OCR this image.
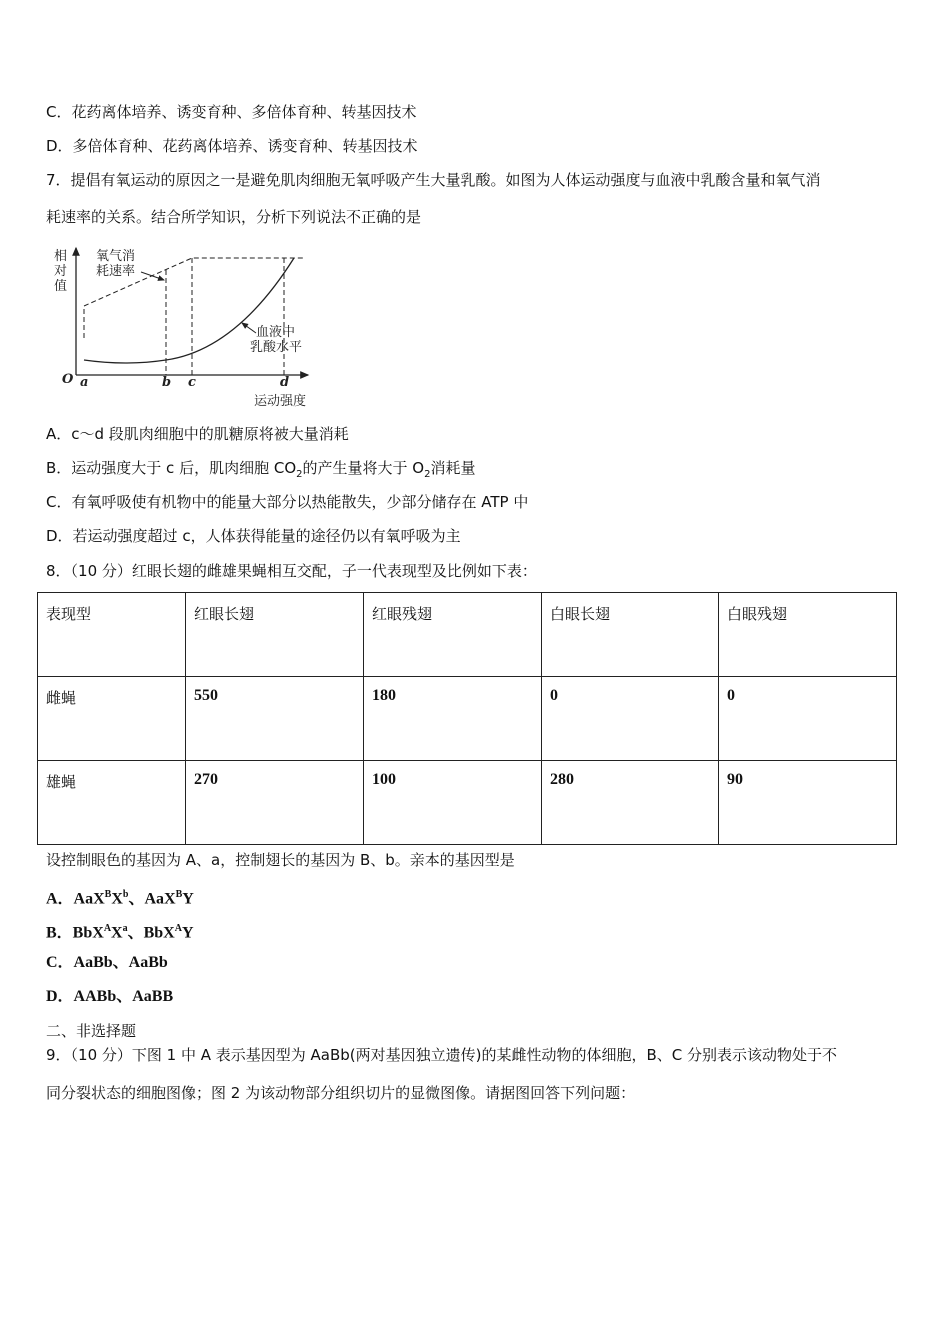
C．花药离体培养、诱变育种、多倍体育种、转基因技术
D．多倍体育种、花药离体培养、诱变育种、转基因技术
7．提倡有氧运动的原因之一是避免肌肉细胞无氧呼吸产生大量乳酸。如图为人体运动强度与血液中乳酸含量和氧气消
耗速率的关系。结合所学知识，分析下列说法不正确的是
相
对
值
氧气消
耗速率
血液中
乳酸水平
运动强度
O a	b c	d
A．c～d 段肌肉细胞中的肌糖原将被大量消耗
B．运动强度大于 c 后，肌肉细胞 $CO_2$的产生量将大于 $O_2$消耗量
C．有氧呼吸使有机物中的能量大部分以热能散失，少部分储存在 ATP 中
D．若运动强度超过 c，人体获得能量的途径仍以有氧呼吸为主
8．（10 分）红眼长翅的雌雄果蝇相互交配，子一代表现型及比例如下表：
表现型	红眼长翅	红眼残翅	白眼长翅	白眼残翅
雌蝇	550	180	0	0
雄蝇	270	100	280	90
设控制眼色的基因为 A、a，控制翅长的基因为 B、b。亲本的基因型是
A．$AaX^BX^b$、AaX$^B$Y
B．$BbX^AX^a$、BbX$^A$Y
C．AaBb、AaBb
D．AABb、AaBB
二、非选择题
9．（10 分）下图 1 中 A 表示基因型为 AaBb(两对基因独立遗传)的某雌性动物的体细胞，B、C 分别表示该动物处于不
同分裂状态的细胞图像；图 2 为该动物部分组织切片的显微图像。请据图回答下列问题：
